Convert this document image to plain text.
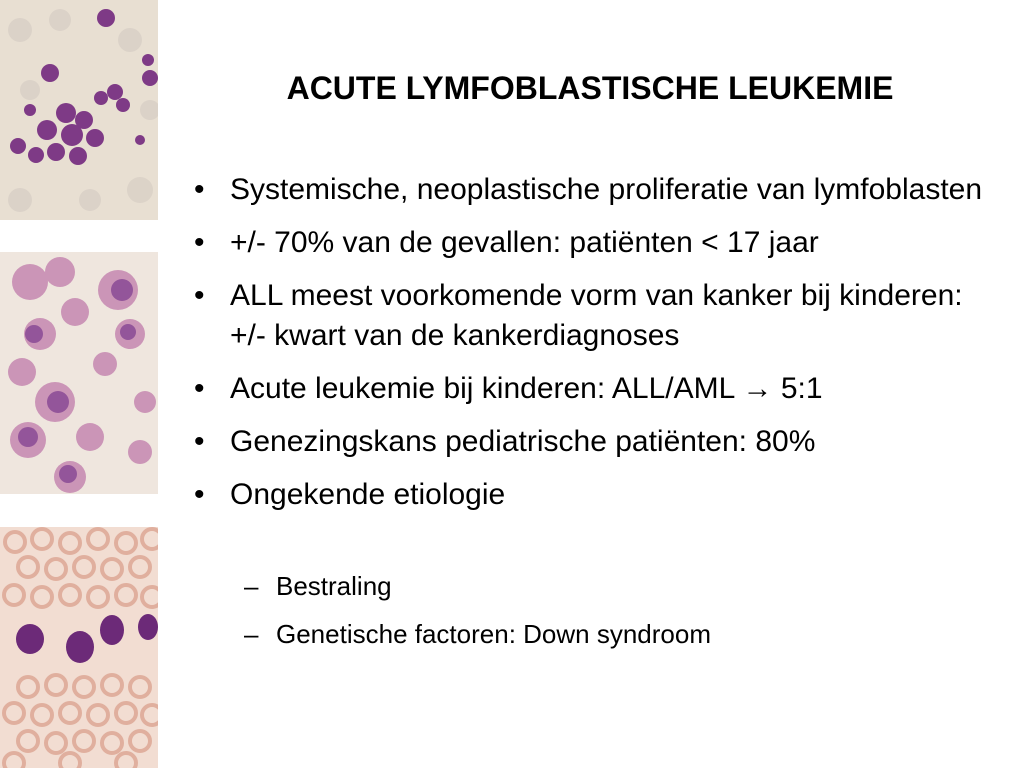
ACUTE LYMFOBLASTISCHE LEUKEMIE
• Systemische, neoplastische proliferatie van lymfoblasten
• +/- 70% van de gevallen: patiënten < 17 jaar
• ALL meest voorkomende vorm van kanker bij kinderen: +/- kwart van de kankerdiagnoses
• Acute leukemie bij kinderen: ALL/AML → 5:1
• Genezingskans pediatrische patiënten: 80%
• Ongekende etiologie
– Bestraling
– Genetische factoren: Down syndroom
